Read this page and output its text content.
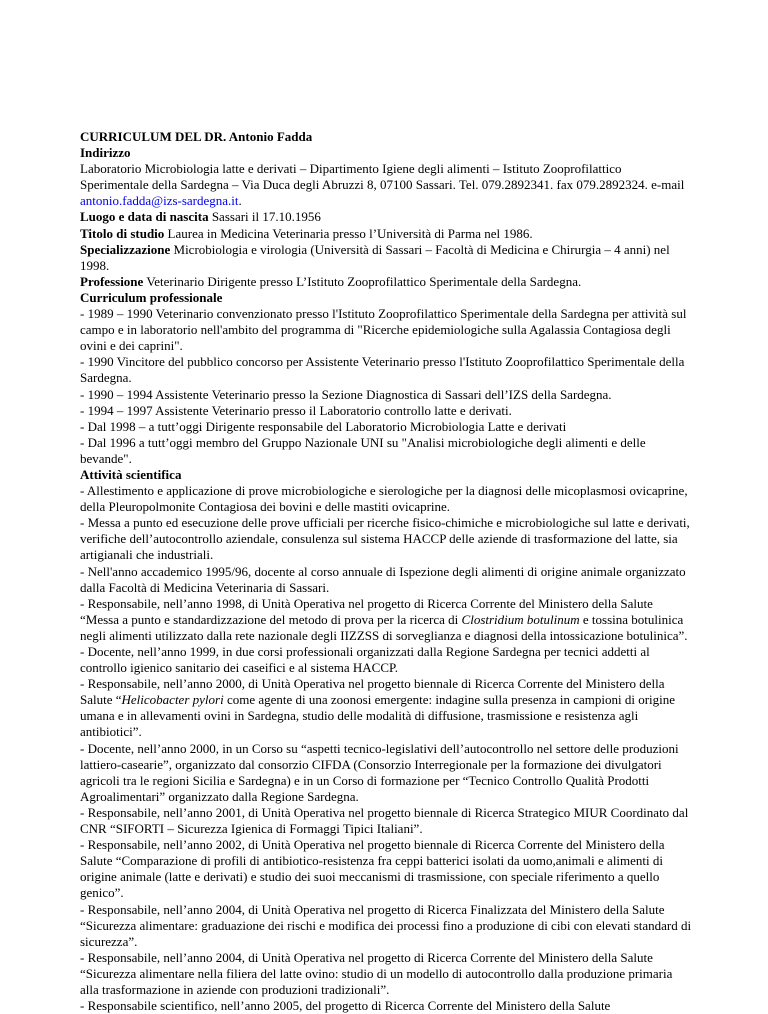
CURRICULUM DEL DR. Antonio Fadda

Indirizzo

Laboratorio Microbiologia latte e derivati – Dipartimento Igiene degli alimenti – Istituto Zooprofilattico Sperimentale della Sardegna – Via Duca degli Abruzzi 8, 07100 Sassari. Tel. 079.2892341. fax 079.2892324. e-mail antonio.fadda@izs-sardegna.it.

Luogo e data di nascita Sassari il 17.10.1956

Titolo di studio Laurea in Medicina Veterinaria presso l’Università di Parma nel 1986.

Specializzazione Microbiologia e virologia (Università di Sassari – Facoltà di Medicina e Chirurgia – 4 anni) nel 1998.

Professione Veterinario Dirigente presso L’Istituto Zooprofilattico Sperimentale della Sardegna.

Curriculum professionale

- 1989 – 1990 Veterinario convenzionato presso l'Istituto Zooprofilattico Sperimentale della Sardegna per attività sul campo e in laboratorio nell'ambito del programma di "Ricerche epidemiologiche sulla Agalassia Contagiosa degli ovini e dei caprini".

- 1990 Vincitore del pubblico concorso per Assistente Veterinario presso l'Istituto Zooprofilattico Sperimentale della Sardegna.

- 1990 – 1994 Assistente Veterinario presso la Sezione Diagnostica di Sassari dell’IZS della Sardegna.

- 1994 – 1997 Assistente Veterinario presso il Laboratorio controllo latte e derivati.

- Dal 1998 – a tutt’oggi Dirigente responsabile del Laboratorio Microbiologia Latte e derivati

- Dal 1996 a tutt’oggi membro del Gruppo Nazionale UNI su "Analisi microbiologiche degli alimenti e delle bevande".

Attività scientifica

- Allestimento e applicazione di prove microbiologiche e sierologiche per la diagnosi delle micoplasmosi ovicaprine, della Pleuropolmonite Contagiosa dei bovini e delle mastiti ovicaprine.

- Messa a punto ed esecuzione delle prove ufficiali per ricerche fisico-chimiche e microbiologiche sul latte e derivati, verifiche dell’autocontrollo aziendale, consulenza sul sistema HACCP delle aziende di trasformazione del latte, sia artigianali che industriali.

- Nell'anno accademico 1995/96, docente al corso annuale di Ispezione degli alimenti di origine animale organizzato dalla Facoltà di Medicina Veterinaria di Sassari.

- Responsabile, nell’anno 1998, di Unità Operativa nel progetto di Ricerca Corrente del Ministero della Salute “Messa a punto e standardizzazione del metodo di prova per la ricerca di Clostridium botulinum e tossina botulinica negli alimenti utilizzato dalla rete nazionale degli IIZZSS di sorveglianza e diagnosi della intossicazione botulinica”.

- Docente, nell’anno 1999, in due corsi professionali organizzati dalla Regione Sardegna per tecnici addetti al controllo igienico sanitario dei caseifici e al sistema HACCP.

- Responsabile, nell’anno 2000, di Unità Operativa nel progetto biennale di Ricerca Corrente del Ministero della Salute “Helicobacter pylori come agente di una zoonosi emergente: indagine sulla presenza in campioni di origine umana e in allevamenti ovini in Sardegna, studio delle modalità di diffusione, trasmissione e resistenza agli antibiotici”.

- Docente, nell’anno 2000, in un Corso su “aspetti tecnico-legislativi dell’autocontrollo nel settore delle produzioni lattiero-casearie”, organizzato dal consorzio CIFDA (Consorzio Interregionale per la formazione dei divulgatori agricoli tra le regioni Sicilia e Sardegna) e in un Corso di formazione per “Tecnico Controllo Qualità Prodotti Agroalimentari” organizzato dalla Regione Sardegna.

- Responsabile, nell’anno 2001, di Unità Operativa nel progetto biennale di Ricerca Strategico MIUR Coordinato dal CNR “SIFORTI – Sicurezza Igienica di Formaggi Tipici Italiani”.

- Responsabile, nell’anno 2002, di Unità Operativa nel progetto biennale di Ricerca Corrente del Ministero della Salute “Comparazione di profili di antibiotico-resistenza fra ceppi batterici isolati da uomo,animali e alimenti di origine animale (latte e derivati) e studio dei suoi meccanismi di trasmissione, con speciale riferimento a quello genico”.

- Responsabile, nell’anno 2004, di Unità Operativa nel progetto di Ricerca Finalizzata del Ministero della Salute “Sicurezza alimentare: graduazione dei rischi e modifica dei processi fino a produzione di cibi con elevati standard di sicurezza”.

- Responsabile, nell’anno 2004, di Unità Operativa nel progetto di Ricerca Corrente del Ministero della Salute “Sicurezza alimentare nella filiera del latte ovino: studio di un modello di autocontrollo dalla produzione primaria alla trasformazione in aziende con produzioni tradizionali”.

- Responsabile scientifico, nell’anno 2005, del progetto di Ricerca Corrente del Ministero della Salute
